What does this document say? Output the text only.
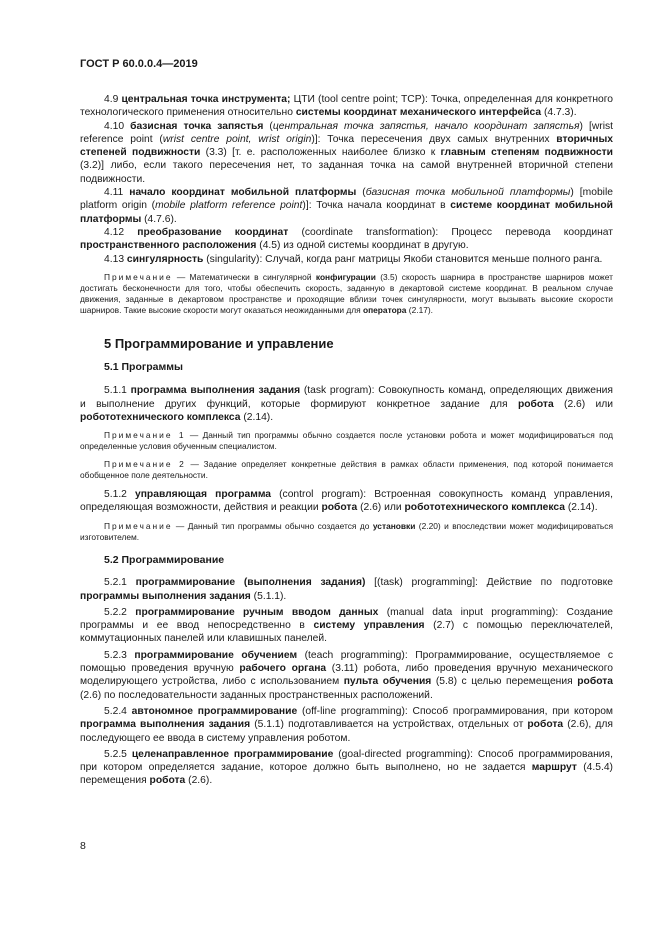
ГОСТ Р 60.0.0.4—2019

4.9 центральная точка инструмента; ЦТИ (tool centre point; TCP): Точка, определенная для конкретного технологического применения относительно системы координат механического интерфейса (4.7.3).

4.10 базисная точка запястья (центральная точка запястья, начало координат запястья) [wrist reference point (wrist centre point, wrist origin)]: Точка пересечения двух самых внутренних вторичных степеней подвижности (3.3) [т. е. расположенных наиболее близко к главным степеням подвижности (3.2)] либо, если такого пересечения нет, то заданная точка на самой внутренней вторичной степени подвижности.

4.11 начало координат мобильной платформы (базисная точка мобильной платформы) [mobile platform origin (mobile platform reference point)]: Точка начала координат в системе координат мобильной платформы (4.7.6).

4.12 преобразование координат (coordinate transformation): Процесс перевода координат пространственного расположения (4.5) из одной системы координат в другую.

4.13 сингулярность (singularity): Случай, когда ранг матрицы Якоби становится меньше полного ранга.

Примечание — Математически в сингулярной конфигурации (3.5) скорость шарнира в пространстве шарниров может достигать бесконечности для того, чтобы обеспечить скорость, заданную в декартовой системе координат. В реальном случае движения, заданные в декартовом пространстве и проходящие вблизи точек сингулярности, могут вызывать высокие скорости шарниров. Такие высокие скорости могут оказаться неожиданными для оператора (2.17).

5 Программирование и управление

5.1 Программы

5.1.1 программа выполнения задания (task program): Совокупность команд, определяющих движения и выполнение других функций, которые формируют конкретное задание для робота (2.6) или робототехнического комплекса (2.14).

Примечание 1 — Данный тип программы обычно создается после установки робота и может модифицироваться под определенные условия обученным специалистом.

Примечание 2 — Задание определяет конкретные действия в рамках области применения, под которой понимается обобщенное поле деятельности.

5.1.2 управляющая программа (control program): Встроенная совокупность команд управления, определяющая возможности, действия и реакции робота (2.6) или робототехнического комплекса (2.14).

Примечание — Данный тип программы обычно создается до установки (2.20) и впоследствии может модифицироваться изготовителем.

5.2 Программирование

5.2.1 программирование (выполнения задания) [(task) programming]: Действие по подготовке программы выполнения задания (5.1.1).

5.2.2 программирование ручным вводом данных (manual data input programming): Создание программы и ее ввод непосредственно в систему управления (2.7) с помощью переключателей, коммутационных панелей или клавишных панелей.

5.2.3 программирование обучением (teach programming): Программирование, осуществляемое с помощью проведения вручную рабочего органа (3.11) робота, либо проведения вручную механического моделирующего устройства, либо с использованием пульта обучения (5.8) с целью перемещения робота (2.6) по последовательности заданных пространственных расположений.

5.2.4 автономное программирование (off-line programming): Способ программирования, при котором программа выполнения задания (5.1.1) подготавливается на устройствах, отдельных от робота (2.6), для последующего ее ввода в систему управления роботом.

5.2.5 целенаправленное программирование (goal-directed programming): Способ программирования, при котором определяется задание, которое должно быть выполнено, но не задается маршрут (4.5.4) перемещения робота (2.6).

8
